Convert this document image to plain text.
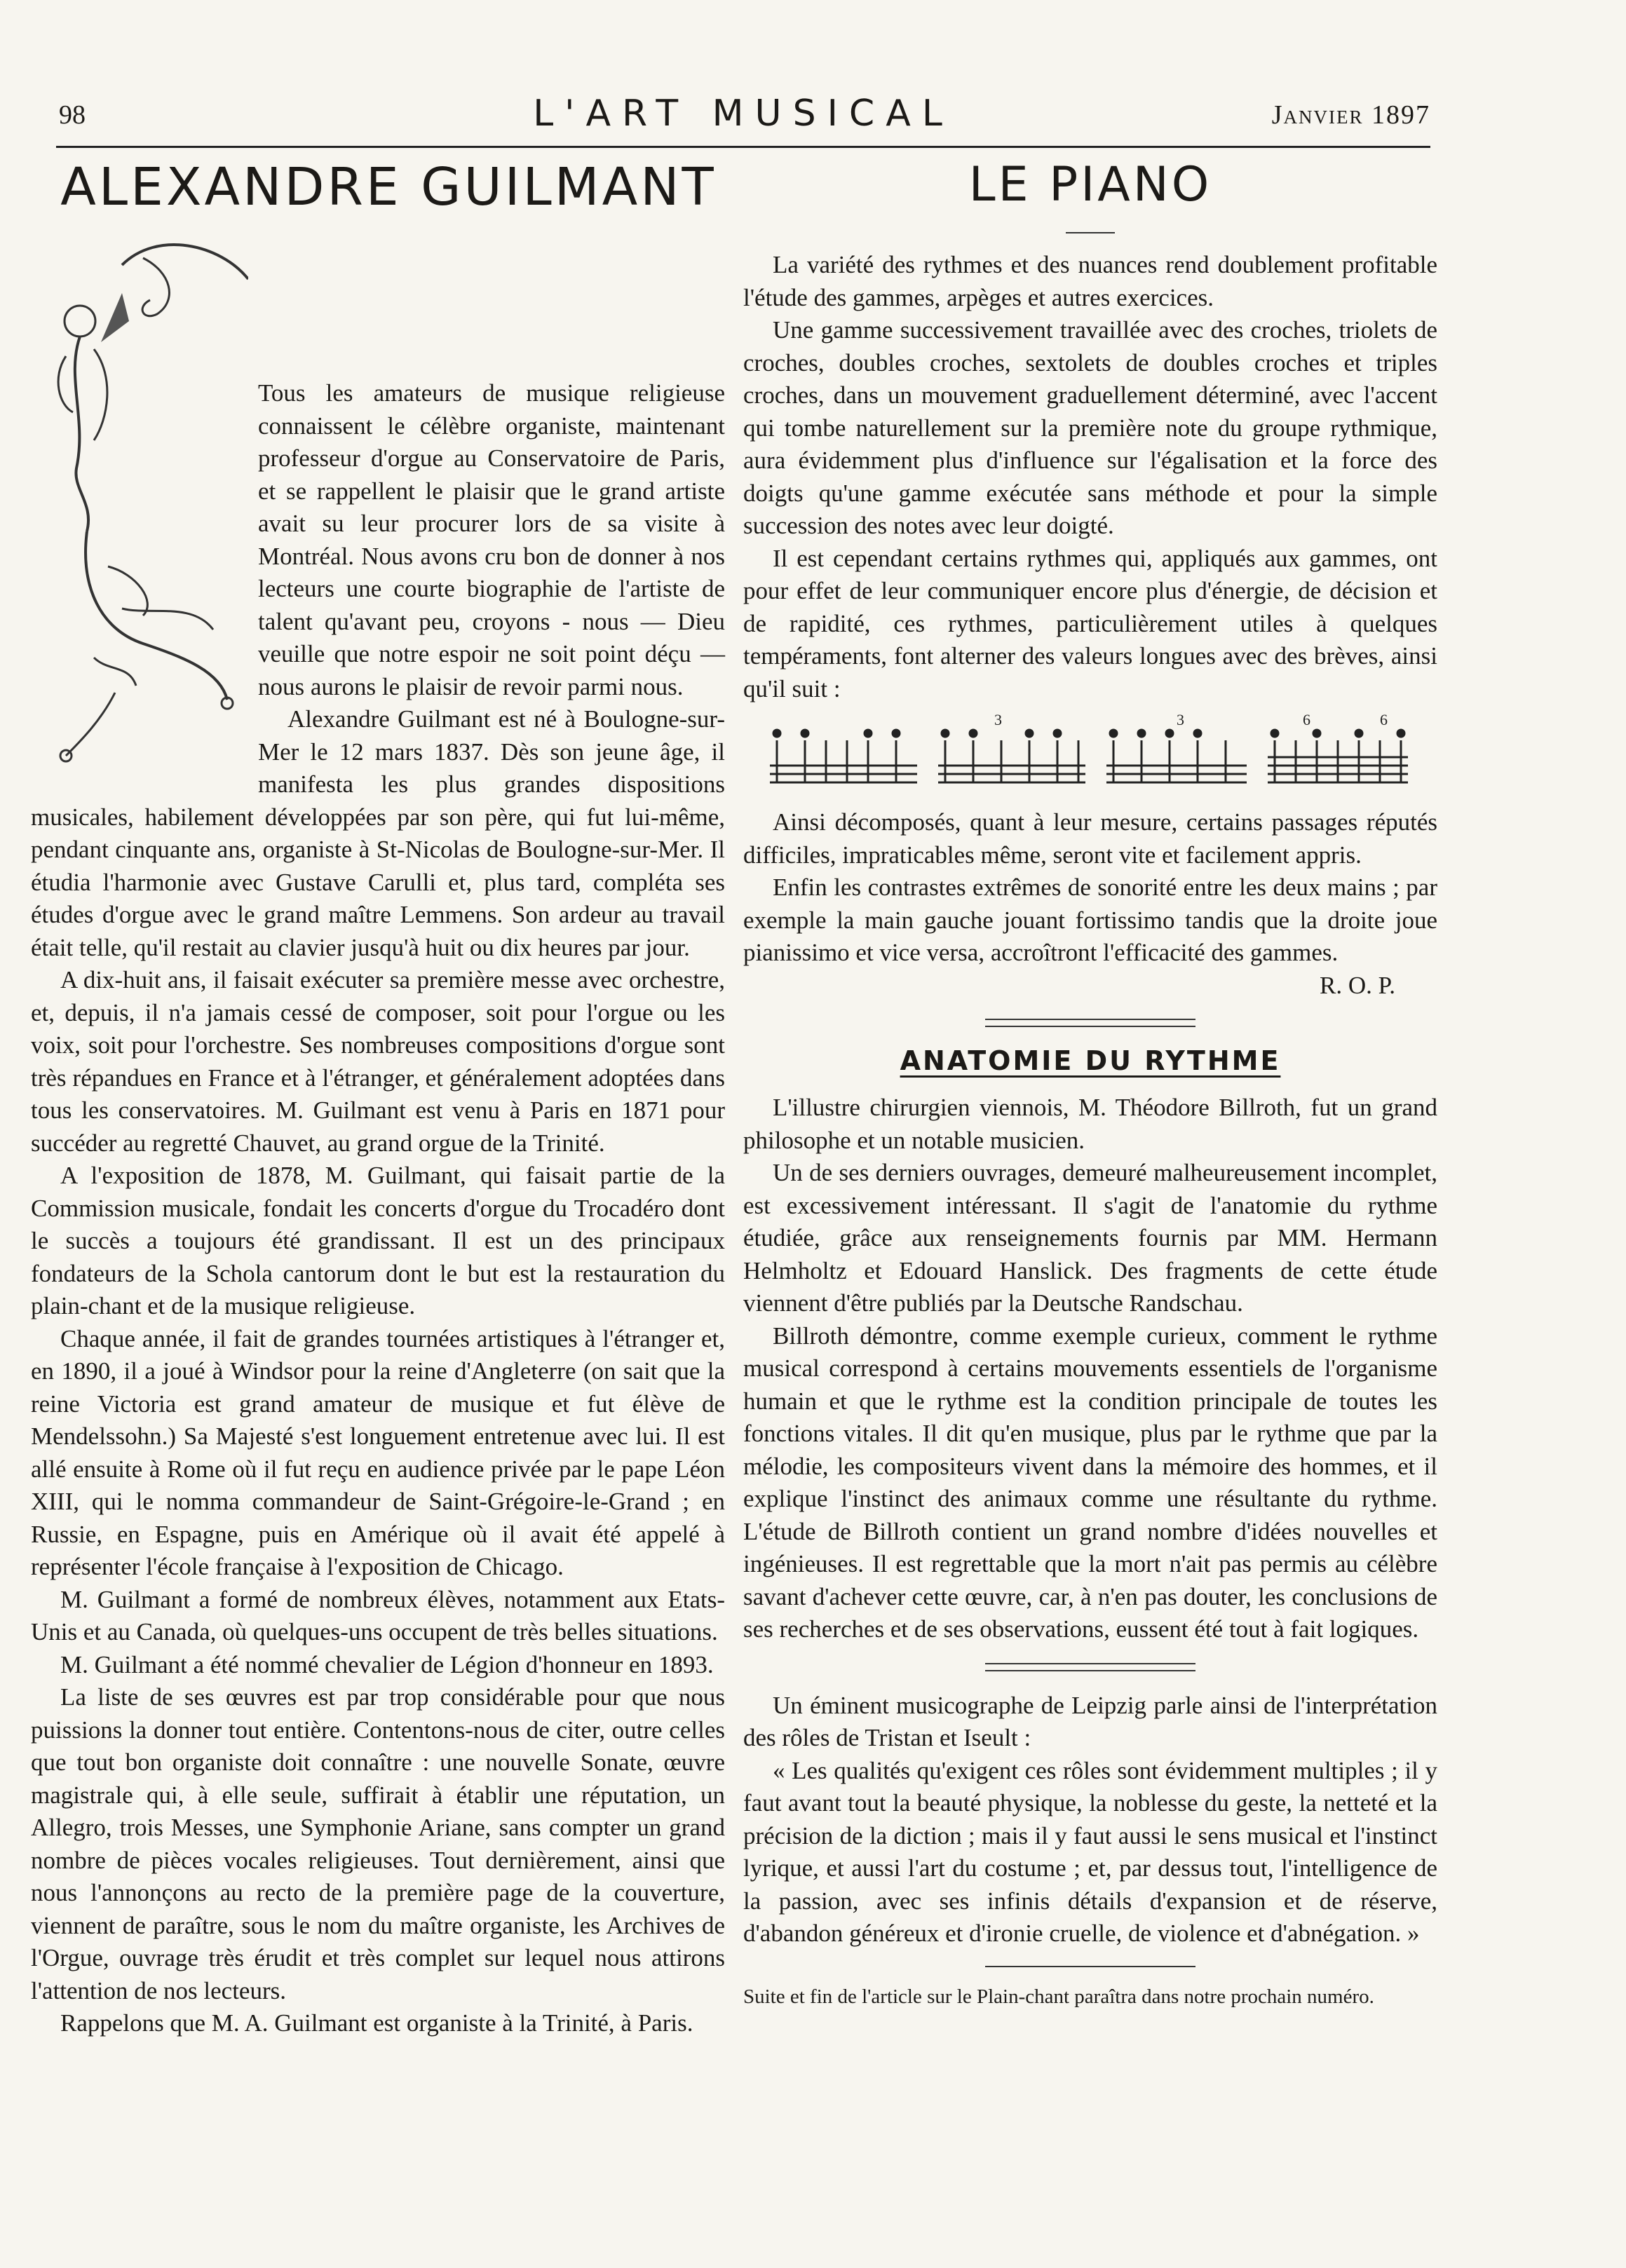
98	L'ART MUSICAL	Janvier 1897
ALEXANDRE GUILMANT

Tous les amateurs de musique religieuse connaissent le célèbre organiste, maintenant professeur d'orgue au Conservatoire de Paris, et se rappellent le plaisir que le grand artiste avait su leur procurer lors de sa visite à Montréal. Nous avons cru bon de donner à nos lecteurs une courte biographie de l'artiste de talent qu'avant peu, croyons - nous — Dieu veuille que notre espoir ne soit point déçu — nous aurons le plaisir de revoir parmi nous.

Alexandre Guilmant est né à Boulogne-sur-Mer le 12 mars 1837. Dès son jeune âge, il manifesta les plus grandes dispositions musicales, habilement développées par son père, qui fut lui-même, pendant cinquante ans, organiste à St-Nicolas de Boulogne-sur-Mer. Il étudia l'harmonie avec Gustave Carulli et, plus tard, compléta ses études d'orgue avec le grand maître Lemmens. Son ardeur au travail était telle, qu'il restait au clavier jusqu'à huit ou dix heures par jour.

A dix-huit ans, il faisait exécuter sa première messe avec orchestre, et, depuis, il n'a jamais cessé de composer, soit pour l'orgue ou les voix, soit pour l'orchestre. Ses nombreuses compositions d'orgue sont très répandues en France et à l'étranger, et généralement adoptées dans tous les conservatoires. M. Guilmant est venu à Paris en 1871 pour succéder au regretté Chauvet, au grand orgue de la Trinité.

A l'exposition de 1878, M. Guilmant, qui faisait partie de la Commission musicale, fondait les concerts d'orgue du Trocadéro dont le succès a toujours été grandissant. Il est un des principaux fondateurs de la Schola cantorum dont le but est la restauration du plain-chant et de la musique religieuse.

Chaque année, il fait de grandes tournées artistiques à l'étranger et, en 1890, il a joué à Windsor pour la reine d'Angleterre (on sait que la reine Victoria est grand amateur de musique et fut élève de Mendelssohn.) Sa Majesté s'est longuement entretenue avec lui. Il est allé ensuite à Rome où il fut reçu en audience privée par le pape Léon XIII, qui le nomma commandeur de Saint-Grégoire-le-Grand ; en Russie, en Espagne, puis en Amérique où il avait été appelé à représenter l'école française à l'exposition de Chicago.

M. Guilmant a formé de nombreux élèves, notamment aux Etats-Unis et au Canada, où quelques-uns occupent de très belles situations.

M. Guilmant a été nommé chevalier de Légion d'honneur en 1893.

La liste de ses œuvres est par trop considérable pour que nous puissions la donner tout entière. Contentons-nous de citer, outre celles que tout bon organiste doit connaître : une nouvelle Sonate, œuvre magistrale qui, à elle seule, suffirait à établir une réputation, un Allegro, trois Messes, une Symphonie Ariane, sans compter un grand nombre de pièces vocales religieuses. Tout dernièrement, ainsi que nous l'annonçons au recto de la première page de la couverture, viennent de paraître, sous le nom du maître organiste, les Archives de l'Orgue, ouvrage très érudit et très complet sur lequel nous attirons l'attention de nos lecteurs.

Rappelons que M. A. Guilmant est organiste à la Trinité, à Paris.

LE PIANO

La variété des rythmes et des nuances rend doublement profitable l'étude des gammes, arpèges et autres exercices.

Une gamme successivement travaillée avec des croches, triolets de croches, doubles croches, sextolets de doubles croches et triples croches, dans un mouvement graduellement déterminé, avec l'accent qui tombe naturellement sur la première note du groupe rythmique, aura évidemment plus d'influence sur l'égalisation et la force des doigts qu'une gamme exécutée sans méthode et pour la simple succession des notes avec leur doigté.

Il est cependant certains rythmes qui, appliqués aux gammes, ont pour effet de leur communiquer encore plus d'énergie, de décision et de rapidité, ces rythmes, particulièrement utiles à quelques tempéraments, font alterner des valeurs longues avec des brèves, ainsi qu'il suit :

3	3	6	6

Ainsi décomposés, quant à leur mesure, certains passages réputés difficiles, impraticables même, seront vite et facilement appris.

Enfin les contrastes extrêmes de sonorité entre les deux mains ; par exemple la main gauche jouant fortissimo tandis que la droite joue pianissimo et vice versa, accroîtront l'efficacité des gammes.

R. O. P.

ANATOMIE DU RYTHME

L'illustre chirurgien viennois, M. Théodore Billroth, fut un grand philosophe et un notable musicien.

Un de ses derniers ouvrages, demeuré malheureusement incomplet, est excessivement intéressant. Il s'agit de l'anatomie du rythme étudiée, grâce aux renseignements fournis par MM. Hermann Helmholtz et Edouard Hanslick. Des fragments de cette étude viennent d'être publiés par la Deutsche Randschau.

Billroth démontre, comme exemple curieux, comment le rythme musical correspond à certains mouvements essentiels de l'organisme humain et que le rythme est la condition principale de toutes les fonctions vitales. Il dit qu'en musique, plus par le rythme que par la mélodie, les compositeurs vivent dans la mémoire des hommes, et il explique l'instinct des animaux comme une résultante du rythme. L'étude de Billroth contient un grand nombre d'idées nouvelles et ingénieuses. Il est regrettable que la mort n'ait pas permis au célèbre savant d'achever cette œuvre, car, à n'en pas douter, les conclusions de ses recherches et de ses observations, eussent été tout à fait logiques.

Un éminent musicographe de Leipzig parle ainsi de l'interprétation des rôles de Tristan et Iseult :

« Les qualités qu'exigent ces rôles sont évidemment multiples ; il y faut avant tout la beauté physique, la noblesse du geste, la netteté et la précision de la diction ; mais il y faut aussi le sens musical et l'instinct lyrique, et aussi l'art du costume ; et, par dessus tout, l'intelligence de la passion, avec ses infinis détails d'expansion et de réserve, d'abandon généreux et d'ironie cruelle, de violence et d'abnégation. »

Suite et fin de l'article sur le Plain-chant paraîtra dans notre prochain numéro.
